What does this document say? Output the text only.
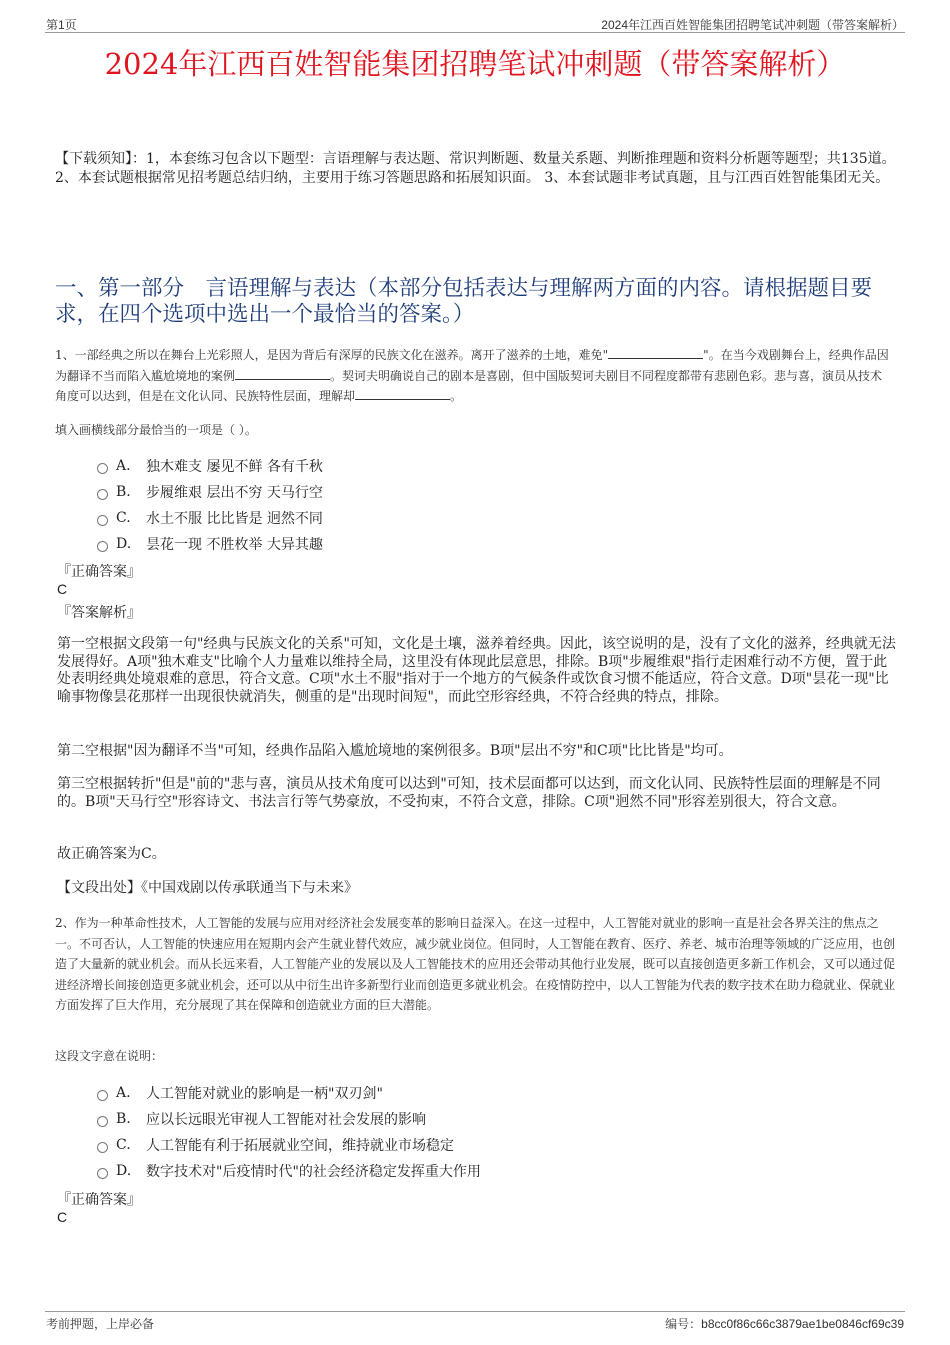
第1页	2024年江西百姓智能集团招聘笔试冲刺题（带答案解析）
2024年江西百姓智能集团招聘笔试冲刺题（带答案解析）
【下载须知】：1，本套练习包含以下题型：言语理解与表达题、常识判断题、数量关系题、判断推理题和资料分析题等题型；共135道。 2、本套试题根据常见招考题总结归纳，主要用于练习答题思路和拓展知识面。 3、本套试题非考试真题，且与江西百姓智能集团无关。
一、第一部分　言语理解与表达（本部分包括表达与理解两方面的内容。请根据题目要求，在四个选项中选出一个最恰当的答案。）
1、一部经典之所以在舞台上光彩照人，是因为背后有深厚的民族文化在滋养。离开了滋养的土地，难免"	"。在当今戏剧舞台上，经典作品因为翻译不当而陷入尴尬境地的案例	。契诃夫明确说自己的剧本是喜剧，但中国版契诃夫剧目不同程度都带有悲剧色彩。悲与喜，演员从技术角度可以达到，但是在文化认同、民族特性层面，理解却	。
填入画横线部分最恰当的一项是（ ）。
A.	独木难支 屡见不鲜 各有千秋
B.	步履维艰 层出不穷 天马行空
C.	水土不服 比比皆是 迥然不同
D.	昙花一现 不胜枚举 大异其趣
『正确答案』
C
『答案解析』
第一空根据文段第一句"经典与民族文化的关系"可知，文化是土壤，滋养着经典。因此，该空说明的是，没有了文化的滋养，经典就无法发展得好。A项"独木难支"比喻个人力量难以维持全局，这里没有体现此层意思，排除。B项"步履维艰"指行走困难行动不方便，置于此处表明经典处境艰难的意思，符合文意。C项"水土不服"指对于一个地方的气候条件或饮食习惯不能适应，符合文意。D项"昙花一现"比喻事物像昙花那样一出现很快就消失，侧重的是"出现时间短"，而此空形容经典，不符合经典的特点，排除。
第二空根据"因为翻译不当"可知，经典作品陷入尴尬境地的案例很多。B项"层出不穷"和C项"比比皆是"均可。
第三空根据转折"但是"前的"悲与喜，演员从技术角度可以达到"可知，技术层面都可以达到，而文化认同、民族特性层面的理解是不同的。B项"天马行空"形容诗文、书法言行等气势豪放，不受拘束，不符合文意，排除。C项"迥然不同"形容差别很大，符合文意。
故正确答案为C。
【文段出处】《中国戏剧以传承联通当下与未来》
2、作为一种革命性技术，人工智能的发展与应用对经济社会发展变革的影响日益深入。在这一过程中，人工智能对就业的影响一直是社会各界关注的焦点之一。不可否认，人工智能的快速应用在短期内会产生就业替代效应，减少就业岗位。但同时，人工智能在教育、医疗、养老、城市治理等领域的广泛应用，也创造了大量新的就业机会。而从长远来看，人工智能产业的发展以及人工智能技术的应用还会带动其他行业发展，既可以直接创造更多新工作机会，又可以通过促进经济增长间接创造更多就业机会，还可以从中衍生出许多新型行业而创造更多就业机会。在疫情防控中，以人工智能为代表的数字技术在助力稳就业、保就业方面发挥了巨大作用，充分展现了其在保障和创造就业方面的巨大潜能。
这段文字意在说明：
A.	人工智能对就业的影响是一柄"双刃剑"
B.	应以长远眼光审视人工智能对社会发展的影响
C.	人工智能有利于拓展就业空间，维持就业市场稳定
D.	数字技术对"后疫情时代"的社会经济稳定发挥重大作用
『正确答案』
C
考前押题，上岸必备	编号：b8cc0f86c66c3879ae1be0846cf69c39
